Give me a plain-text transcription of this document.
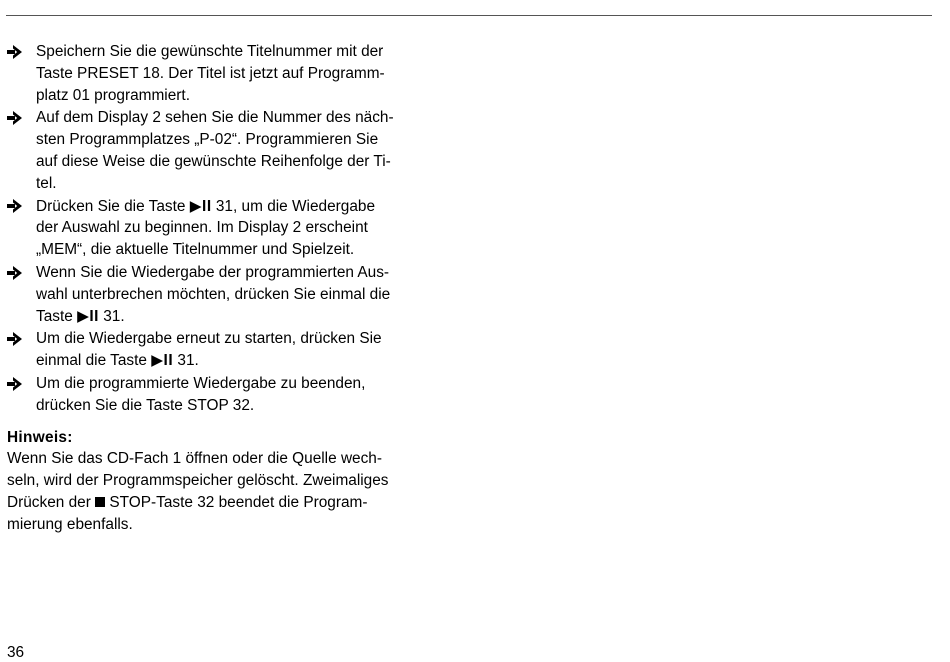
Speichern Sie die gewünschte Titelnummer mit der
Taste PRESET 18. Der Titel ist jetzt auf Programm-
platz 01 programmiert.
Auf dem Display 2 sehen Sie die Nummer des näch-
sten Programmplatzes „P-02“. Programmieren Sie
auf diese Weise die gewünschte Reihenfolge der Ti-
tel.
Drücken Sie die Taste ▶II 31, um die Wiedergabe
der Auswahl zu beginnen. Im Display 2 erscheint
„MEM“, die aktuelle Titelnummer und Spielzeit.
Wenn Sie die Wiedergabe der programmierten Aus-
wahl unterbrechen möchten, drücken Sie einmal die
Taste ▶II 31.
Um die Wiedergabe erneut zu starten, drücken Sie
einmal die Taste ▶II 31.
Um die programmierte Wiedergabe zu beenden,
drücken Sie die Taste STOP 32.
Hinweis:
Wenn Sie das CD-Fach 1 öffnen oder die Quelle wech-
seln, wird der Programmspeicher gelöscht. Zweimaliges
Drücken der  STOP-Taste 32 beendet die Program-
mierung ebenfalls.
36
